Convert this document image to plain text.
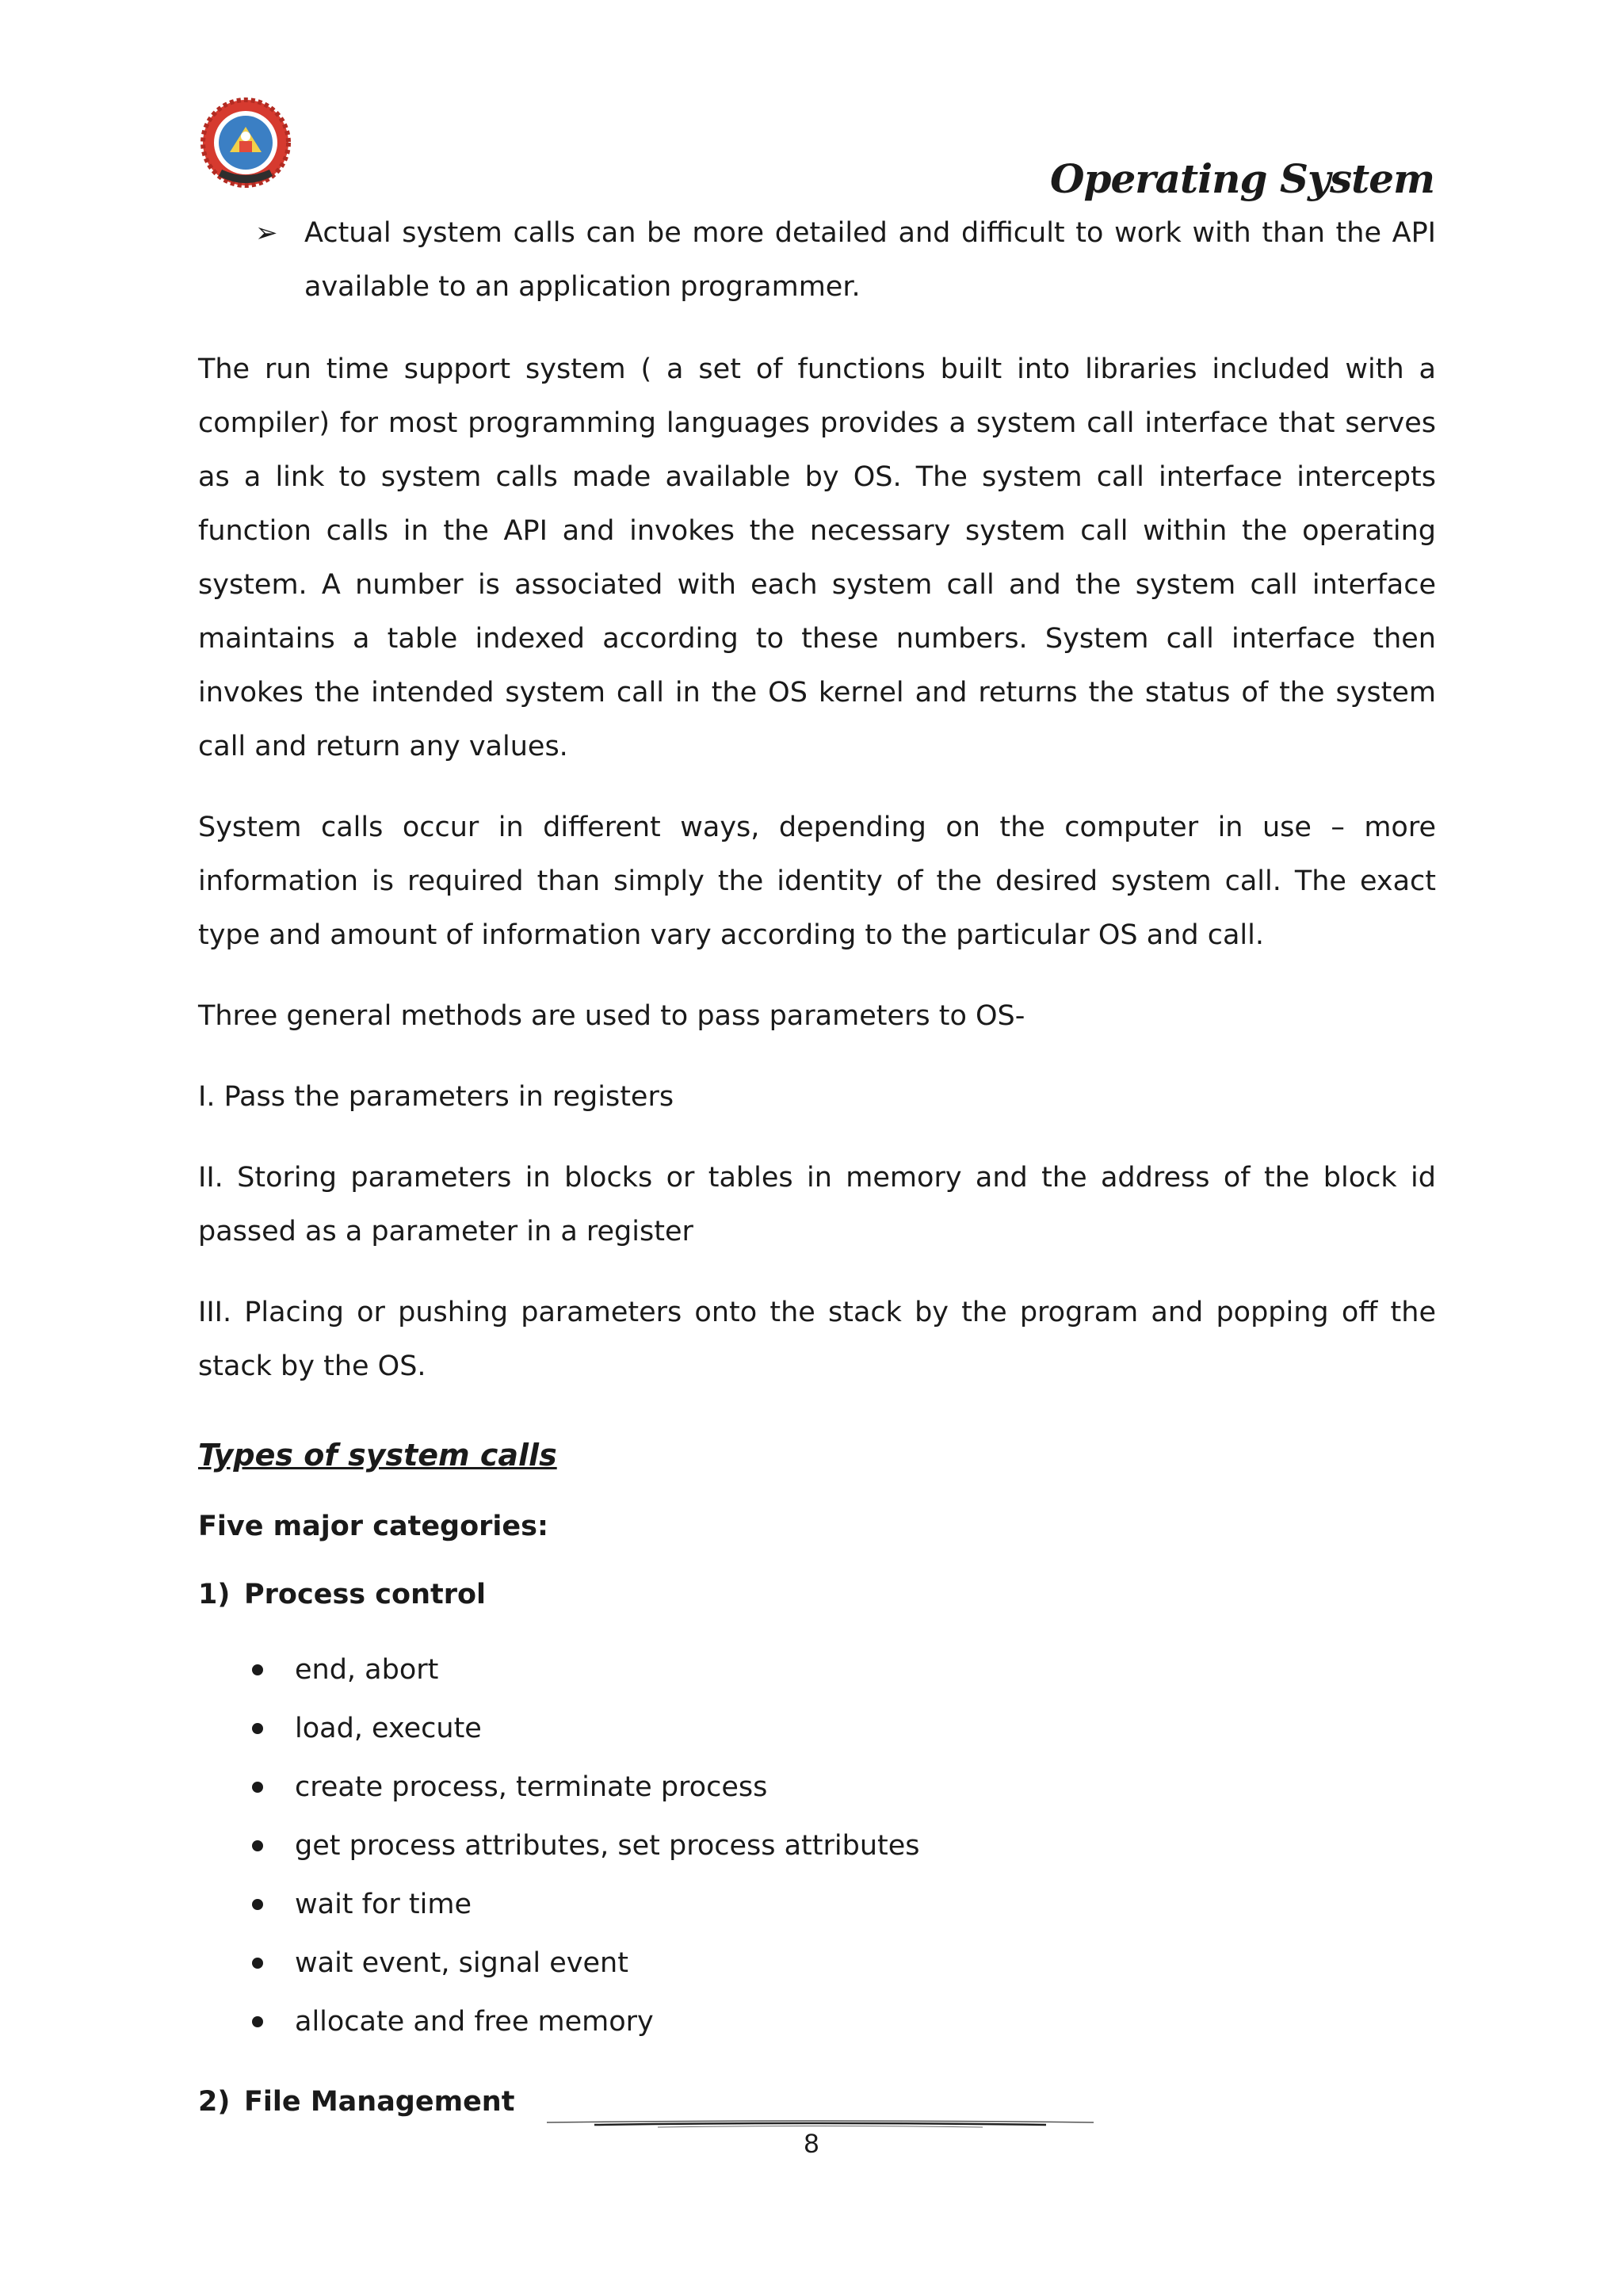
Operating System
➢ Actual system calls can be more detailed and difficult to work with than the API available to an application programmer.

The run time support system ( a set of functions built into libraries included with a compiler) for most programming languages provides a system call interface that serves as a link to system calls made available by OS. The system call interface intercepts function calls in the API and invokes the necessary system call within the operating system. A number is associated with each system call and the system call interface maintains a table indexed according to these numbers. System call interface then invokes the intended system call in the OS kernel and returns the status of the system call and return any values.

System calls occur in different ways, depending on the computer in use – more information is required than simply the identity of the desired system call. The exact type and amount of information vary according to the particular OS and call.

Three general methods are used to pass parameters to OS-

I. Pass the parameters in registers

II. Storing parameters in blocks or tables in memory and the address of the block id passed as a parameter in a register

III. Placing or pushing parameters onto the stack by the program and popping off the stack by the OS.

Types of system calls
Five major categories:
1) Process control
end, abort
load, execute
create process, terminate process
get process attributes, set process attributes
wait for time
wait event, signal event
allocate and free memory
2) File Management
8
